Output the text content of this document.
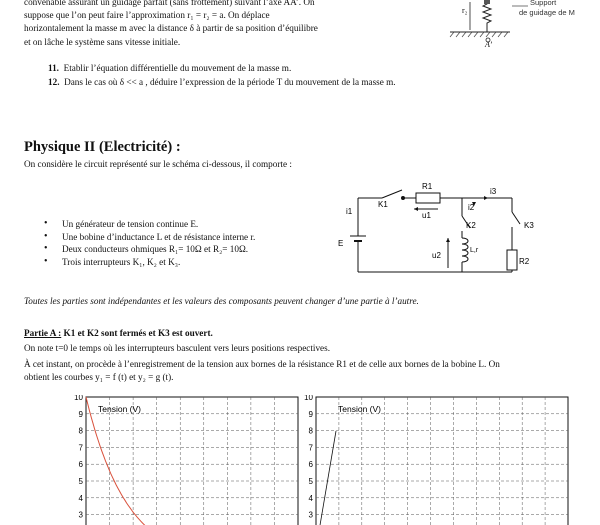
convenable assurant un guidage parfait (sans frottement) suivant l’axe AA’. On
suppose que l’on peut faire l’approximation r₁ = r₂ = a. On déplace
horizontalement la masse m avec la distance δ à partir de sa position d’équilibre
et on lâche le système sans vitesse initiale.
r₂
A’
Support
de guidage de M
11. Etablir l’équation différentielle du mouvement de la masse m.
12. Dans le cas où δ << a , déduire l’expression de la période T du mouvement de la masse m.
Physique II (Electricité) :
On considère le circuit représenté sur le schéma ci-dessous, il comporte :
• Un générateur de tension continue E.
• Une bobine d’inductance L et de résistance interne r.
• Deux conducteurs ohmiques R₁= 10Ω et R₂= 10Ω.
• Trois interrupteurs K₁, K₂ et K₃.
R1
K1
u1
i1	i2
i3
E
K2	K3
u2
L,r
R2
Toutes les parties sont indépendantes et les valeurs des composants peuvent changer d’une partie à l’autre.
Partie A : K1 et K2 sont fermés et K3 est ouvert.
On note t=0 le temps où les interrupteurs basculent vers leurs positions respectives.
À cet instant, on procède à l’enregistrement de la tension aux bornes de la résistance R1 et de celle aux bornes de la bobine L. On
obtient les courbes y₁ = f (t) et y₂ = g (t).
10
9
8
7
6
5
4
3
Tension (V)
10
9
8
7
6
5
4
3
Tension (V)
